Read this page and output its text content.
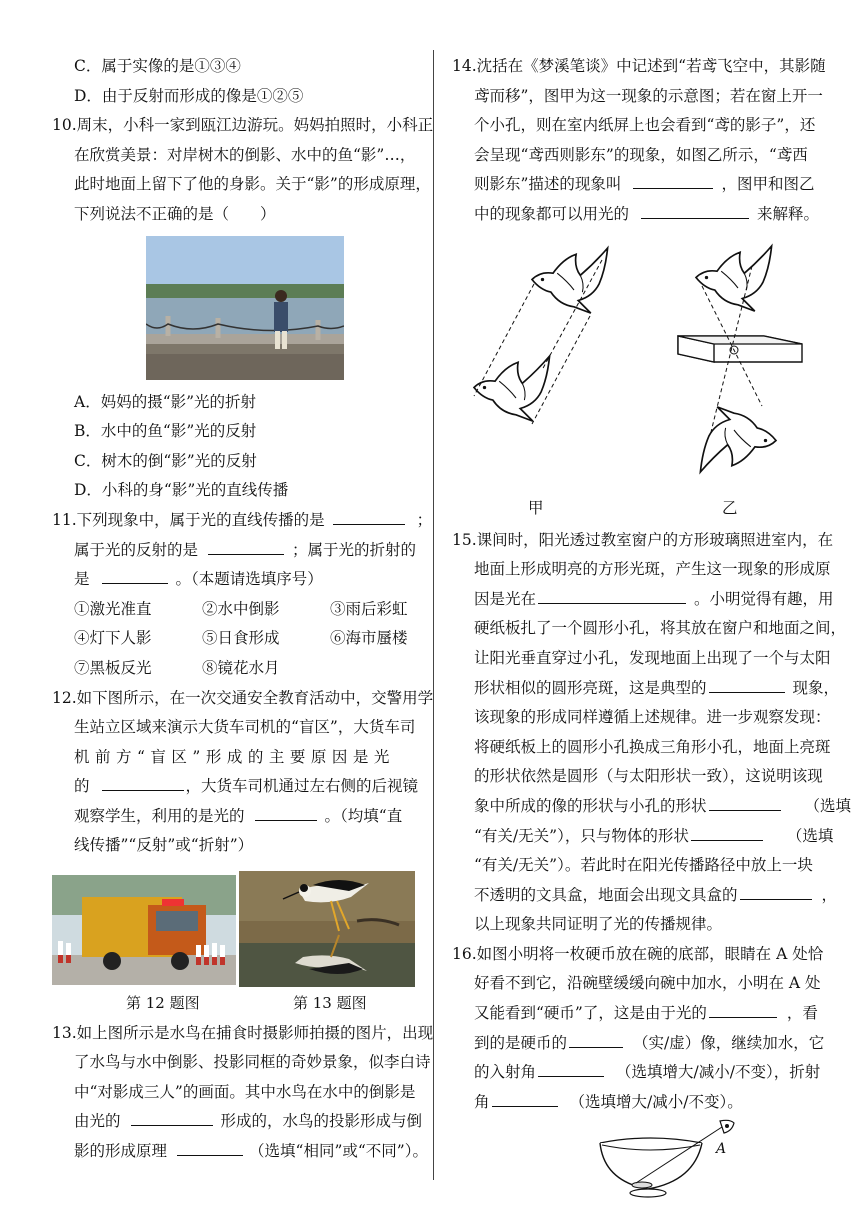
C．属于实像的是①③④
D．由于反射而形成的像是①②⑤
10.周末，小科一家到瓯江边游玩。妈妈拍照时，小科正
在欣赏美景：对岸树木的倒影、水中的鱼“影”…，
此时地面上留下了他的身影。关于“影”的形成原理，
下列说法不正确的是（　　）
A．妈妈的摄“影”光的折射
B．水中的鱼“影”光的反射
C．树木的倒“影”光的反射
D．小科的身“影”光的直线传播
11.下列现象中，属于光的直线传播的是	；
属于光的反射的是	；属于光的折射的
是	。（本题请选填序号）
①激光准直	②水中倒影	③雨后彩虹
④灯下人影	⑤日食形成	⑥海市蜃楼
⑦黑板反光	⑧镜花水月
12.如下图所示，在一次交通安全教育活动中，交警用学
生站立区域来演示大货车司机的“盲区”，大货车司
机前方“盲区”形成的主要原因是光
的	，大货车司机通过左右侧的后视镜
观察学生，利用的是光的	。（均填“直
线传播”“反射”或“折射”）
第 12 题图	第 13 题图
13.如上图所示是水鸟在捕食时摄影师拍摄的图片，出现
了水鸟与水中倒影、投影同框的奇妙景象，似李白诗
中“对影成三人”的画面。其中水鸟在水中的倒影是
由光的	形成的，水鸟的投影形成与倒
影的形成原理	（选填“相同”或“不同”）。
14.沈括在《梦溪笔谈》中记述到“若鸢飞空中，其影随
鸢而移”，图甲为这一现象的示意图；若在窗上开一
个小孔，则在室内纸屏上也会看到“鸢的影子”，还
会呈现“鸢西则影东”的现象，如图乙所示，“鸢西
则影东”描述的现象叫	，图甲和图乙
中的现象都可以用光的	来解释。
甲	乙
15.课间时，阳光透过教室窗户的方形玻璃照进室内，在
地面上形成明亮的方形光斑，产生这一现象的形成原
因是光在	。小明觉得有趣，用
硬纸板扎了一个圆形小孔，将其放在窗户和地面之间，
让阳光垂直穿过小孔，发现地面上出现了一个与太阳
形状相似的圆形亮斑，这是典型的	现象，
该现象的形成同样遵循上述规律。进一步观察发现：
将硬纸板上的圆形小孔换成三角形小孔，地面上亮斑
的形状依然是圆形（与太阳形状一致），这说明该现
象中所成的像的形状与小孔的形状	（选填
“有关/无关”），只与物体的形状	（选填
“有关/无关”）。若此时在阳光传播路径中放上一块
不透明的文具盒，地面会出现文具盒的	，
以上现象共同证明了光的传播规律。
16.如图小明将一枚硬币放在碗的底部，眼睛在 A 处恰
好看不到它，沿碗壁缓缓向碗中加水，小明在 A 处
又能看到“硬币”了，这是由于光的	，看
到的是硬币的	（实/虚）像，继续加水，它
的入射角	（选填增大/减小/不变），折射
角	（选填增大/减小/不变）。
A
